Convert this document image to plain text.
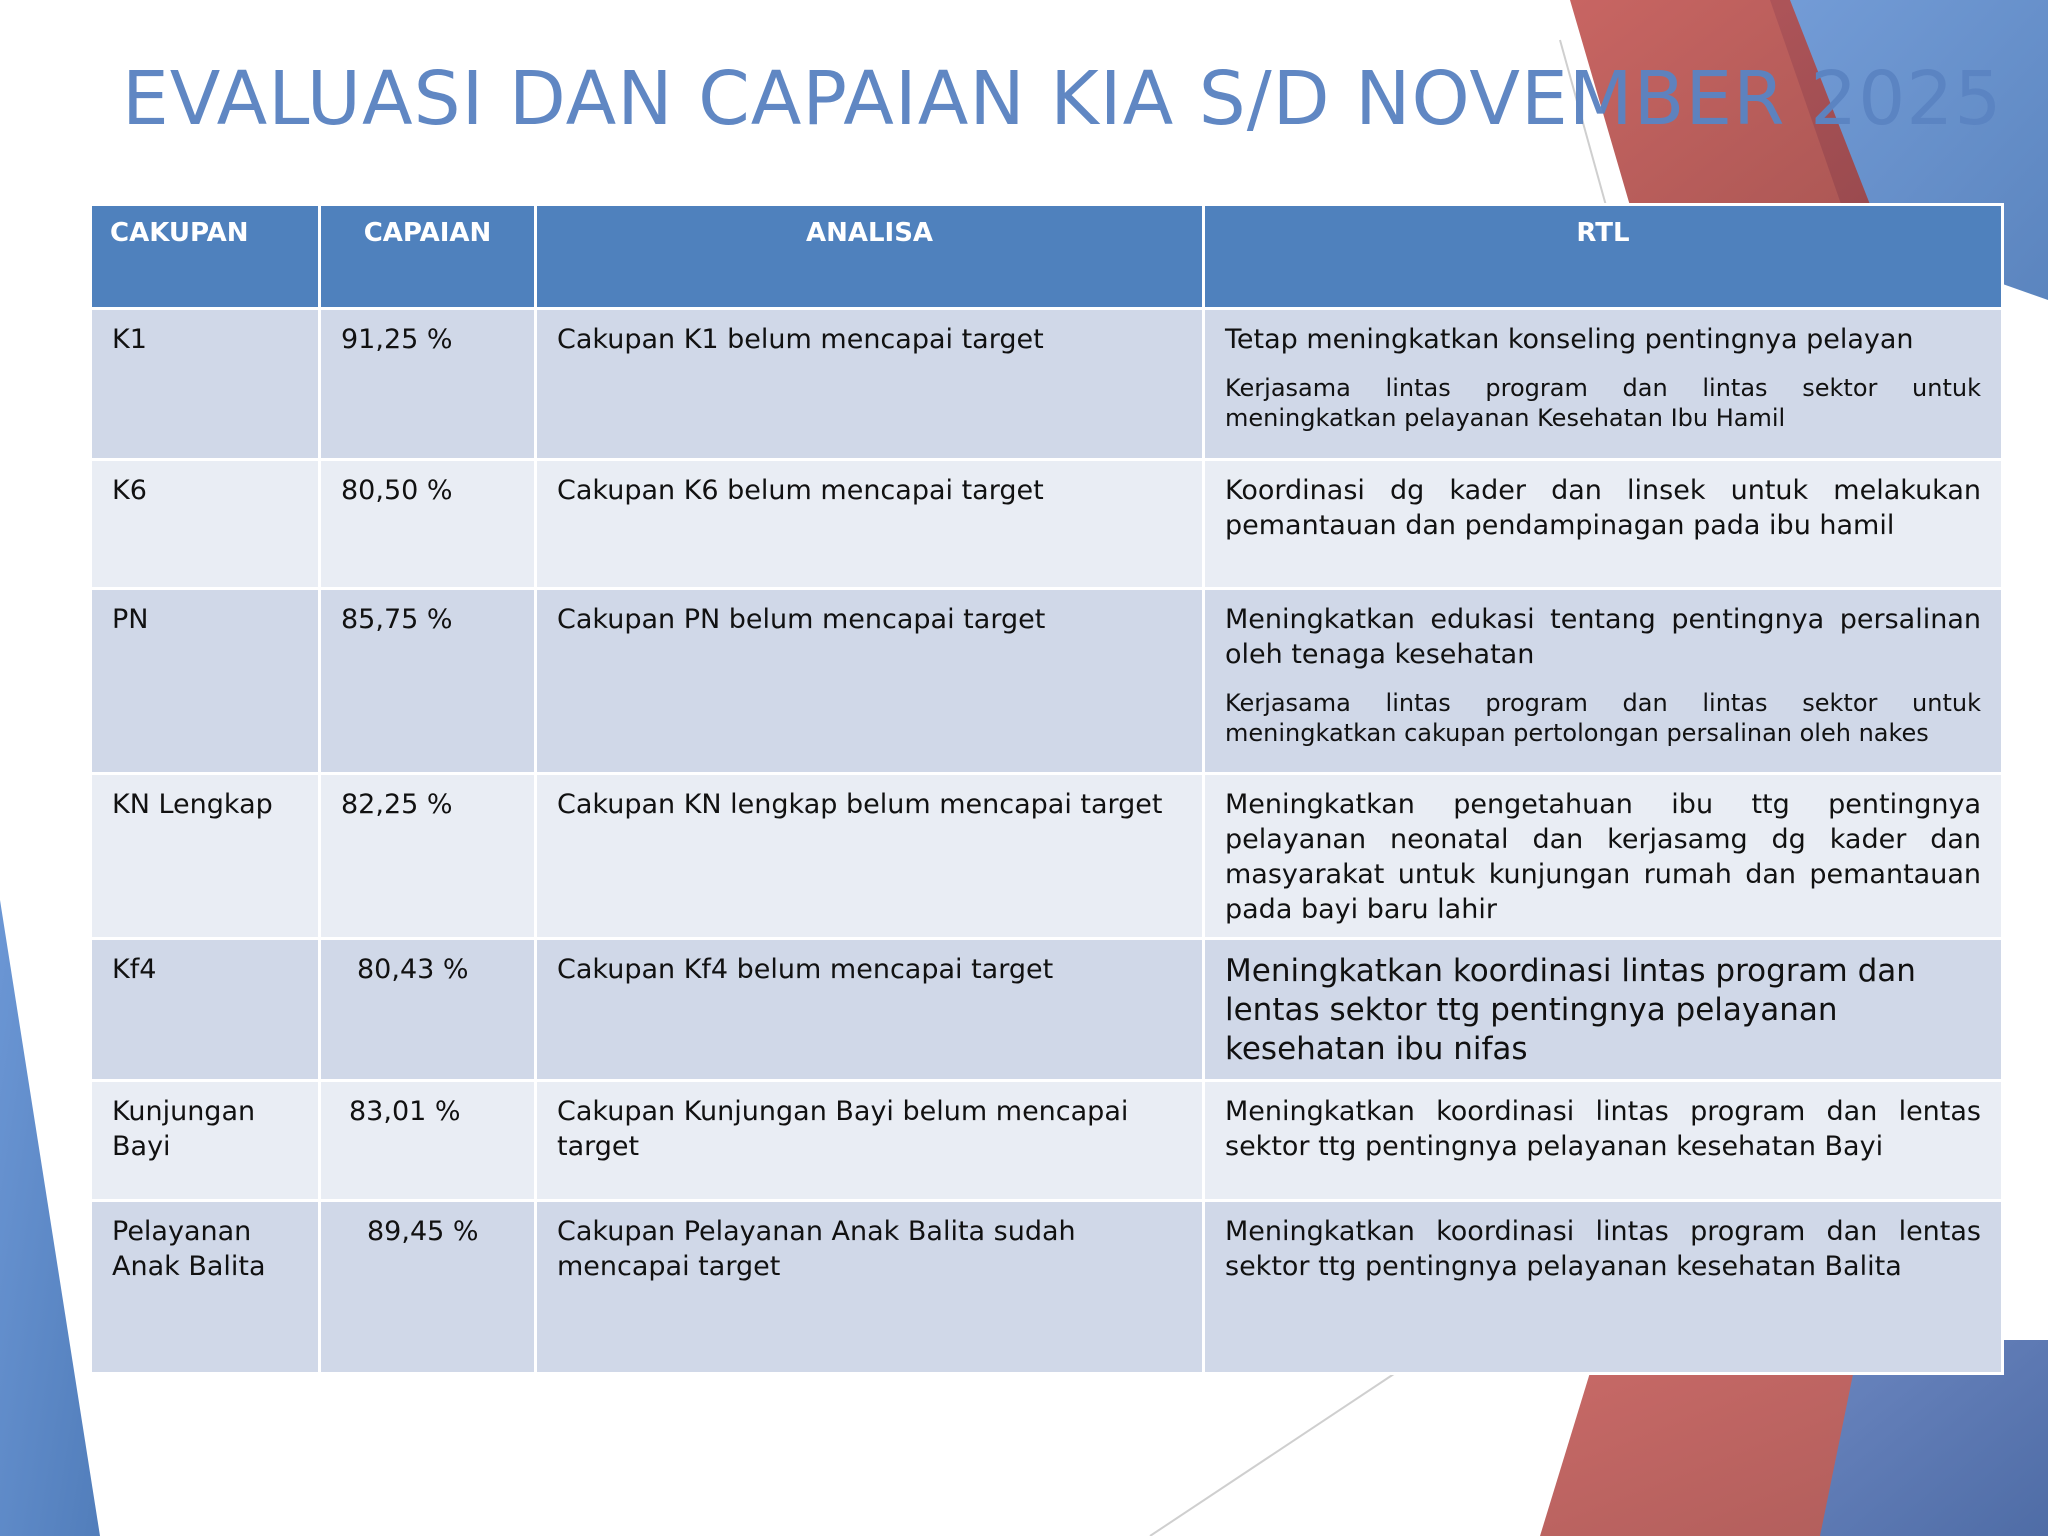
EVALUASI DAN CAPAIAN KIA S/D NOVEMBER 2025
CAKUPAN	CAPAIAN	ANALISA	RTL
K1	91,25 %	Cakupan K1 belum mencapai target	Tetap meningkatkan konseling pentingnya pelayan
Kerjasama lintas program dan lintas sektor untuk meningkatkan pelayanan Kesehatan Ibu Hamil

K6	80,50 %	Cakupan K6 belum mencapai target	Koordinasi dg kader dan linsek untuk melakukan pemantauan dan pendampinagan pada ibu hamil

PN	85,75 %	Cakupan PN belum mencapai target	Meningkatkan edukasi tentang pentingnya persalinan oleh tenaga kesehatan
Kerjasama lintas program dan lintas sektor untuk meningkatkan cakupan pertolongan persalinan oleh nakes

KN Lengkap	82,25 %	Cakupan KN lengkap belum mencapai target	Meningkatkan pengetahuan ibu ttg pentingnya pelayanan neonatal dan kerjasamg dg kader dan masyarakat untuk kunjungan rumah dan pemantauan pada bayi baru lahir

Kf4	80,43 %	Cakupan Kf4 belum mencapai target	Meningkatkan koordinasi lintas program dan lentas sektor ttg pentingnya pelayanan kesehatan ibu nifas

Kunjungan Bayi	83,01 %	Cakupan Kunjungan Bayi belum mencapai target	Meningkatkan koordinasi lintas program dan lentas sektor ttg pentingnya pelayanan kesehatan Bayi

Pelayanan Anak Balita	89,45 %	Cakupan Pelayanan Anak Balita sudah mencapai target	Meningkatkan koordinasi lintas program dan lentas sektor ttg pentingnya pelayanan kesehatan Balita
